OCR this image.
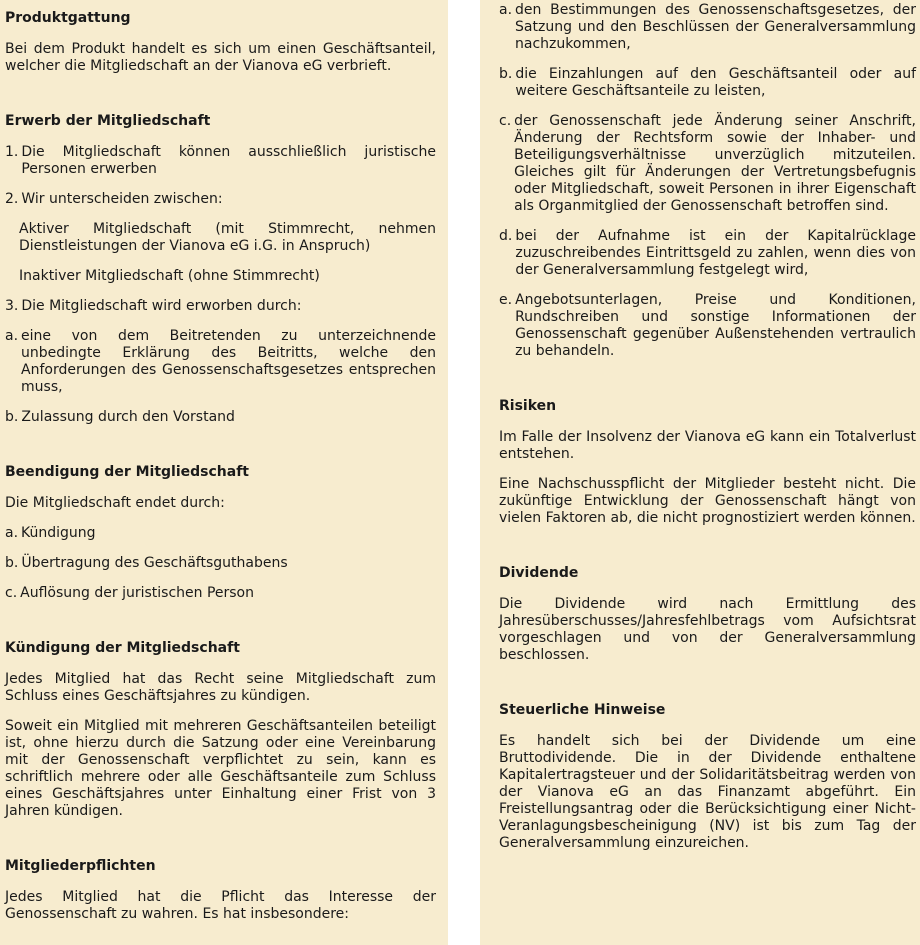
Produktgattung

Bei dem Produkt handelt es sich um einen Geschäftsanteil, welcher die Mitgliedschaft an der Vianova eG verbrieft.

Erwerb der Mitgliedschaft
1. Die Mitgliedschaft können ausschließlich juristische Personen erwerben
2. Wir unterscheiden zwischen:

Aktiver Mitgliedschaft (mit Stimmrecht, nehmen Dienstleistungen der Vianova eG i.G. in Anspruch)

Inaktiver Mitgliedschaft (ohne Stimmrecht)

3. Die Mitgliedschaft wird erworben durch:
a. eine von dem Beitretenden zu unterzeichnende unbedingte Erklärung des Beitritts, welche den Anforderungen des Genossenschaftsgesetzes entsprechen muss,
b. Zulassung durch den Vorstand
Beendigung der Mitgliedschaft

Die Mitgliedschaft endet durch:

a. Kündigung
b. Übertragung des Geschäftsguthabens
c. Auflösung der juristischen Person
Kündigung der Mitgliedschaft

Jedes Mitglied hat das Recht seine Mitgliedschaft zum Schluss eines Geschäftsjahres zu kündigen.

Soweit ein Mitglied mit mehreren Geschäftsanteilen beteiligt ist, ohne hierzu durch die Satzung oder eine Vereinbarung mit der Genossenschaft verpflichtet zu sein, kann es schriftlich mehrere oder alle Geschäftsanteile zum Schluss eines Geschäftsjahres unter Einhaltung einer Frist von 3 Jahren kündigen.

Mitgliederpflichten

Jedes Mitglied hat die Pflicht das Interesse der Genossenschaft zu wahren. Es hat insbesondere:

a. den Bestimmungen des Genossenschaftsgesetzes, der Satzung und den Beschlüssen der Generalversammlung nachzukommen,
b. die Einzahlungen auf den Geschäftsanteil oder auf weitere Geschäftsanteile zu leisten,
c. der Genossenschaft jede Änderung seiner Anschrift, Änderung der Rechtsform sowie der Inhaber- und Beteiligungsverhältnisse unverzüglich mitzuteilen. Gleiches gilt für Änderungen der Vertretungsbefugnis oder Mitgliedschaft, soweit Personen in ihrer Eigenschaft als Organmitglied der Genossenschaft betroffen sind.
d. bei der Aufnahme ist ein der Kapitalrücklage zuzuschreibendes Eintrittsgeld zu zahlen, wenn dies von der Generalversammlung festgelegt wird,
e. Angebotsunterlagen, Preise und Konditionen, Rundschreiben und sonstige Informationen der Genossenschaft gegenüber Außenstehenden vertraulich zu behandeln.
Risiken

Im Falle der Insolvenz der Vianova eG kann ein Totalverlust entstehen.

Eine Nachschusspflicht der Mitglieder besteht nicht. Die zukünftige Entwicklung der Genossenschaft hängt von vielen Faktoren ab, die nicht prognostiziert werden können.

Dividende

Die Dividende wird nach Ermittlung des Jahresüberschusses/Jahresfehlbetrags vom Aufsichtsrat vorgeschlagen und von der Generalversammlung beschlossen.

Steuerliche Hinweise

Es handelt sich bei der Dividende um eine Bruttodividende. Die in der Dividende enthaltene Kapitalertragsteuer und der Solidaritätsbeitrag werden von der Vianova eG an das Finanzamt abgeführt. Ein Freistellungsantrag oder die Berücksichtigung einer Nicht-Veranlagungsbescheinigung (NV) ist bis zum Tag der Generalversammlung einzureichen.
